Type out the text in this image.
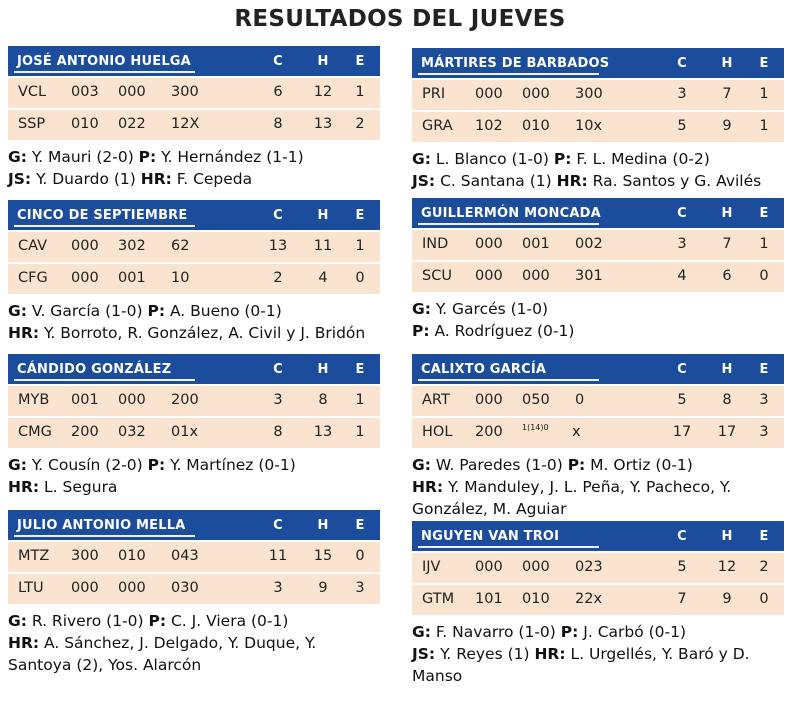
RESULTADOS DEL JUEVES
JOSÉ ANTONIO HUELGA	C	H	E
VCL 003 000 300	6	12	1
SSP 010 022 12X	8	13	2
G: Y. Mauri (2-0) P: Y. Hernández (1-1)
JS: Y. Duardo (1) HR: F. Cepeda
CINCO DE SEPTIEMBRE	C	H	E
CAV 000 302 62	13	11	1
CFG 000 001 10	2	4	0
G: V. García (1-0) P: A. Bueno (0-1)
HR: Y. Borroto, R. González, A. Civil y J. Bridón
CÁNDIDO GONZÁLEZ	C	H	E
MYB 001 000 200	3	8	1
CMG 200 032 01x	8	13	1
G: Y. Cousín (2-0) P: Y. Martínez (0-1)
HR: L. Segura
JULIO ANTONIO MELLA	C	H	E
MTZ 300 010 043	11	15	0
LTU 000 000 030	3	9	3
G: R. Rivero (1-0) P: C. J. Viera (0-1)
HR: A. Sánchez, J. Delgado, Y. Duque, Y.
Santoya (2), Yos. Alarcón
MÁRTIRES DE BARBADOS	C	H	E
PRI 000 000 300	3	7	1
GRA 102 010 10x	5	9	1
G: L. Blanco (1-0) P: F. L. Medina (0-2)
JS: C. Santana (1) HR: Ra. Santos y G. Avilés
GUILLERMÓN MONCADA	C	H	E
IND 000 001 002	3	7	1
SCU 000 000 301	4	6	0
G: Y. Garcés (1-0)
P: A. Rodríguez (0-1)
CALIXTO GARCÍA	C	H	E
ART 000 050 0	5	8	3
HOL 200 $^{1(14)0}$ x	17	17	3
G: W. Paredes (1-0) P: M. Ortiz (0-1)
HR: Y. Manduley, J. L. Peña, Y. Pacheco, Y.
González, M. Aguiar
NGUYEN VAN TROI	C	H	E
IJV 000 000 023	5	12	2
GTM 101 010 22x	7	9	0
G: F. Navarro (1-0) P: J. Carbó (0-1)
JS: Y. Reyes (1) HR: L. Urgellés, Y. Baró y D.
Manso
